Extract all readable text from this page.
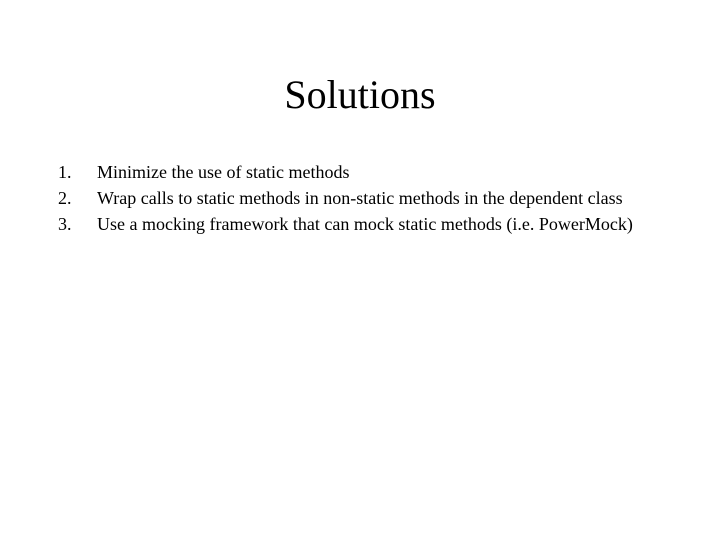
Solutions
1.	Minimize the use of static methods
2.	Wrap calls to static methods in non-static methods in the dependent class
3.	Use a mocking framework that can mock static methods (i.e. PowerMock)
